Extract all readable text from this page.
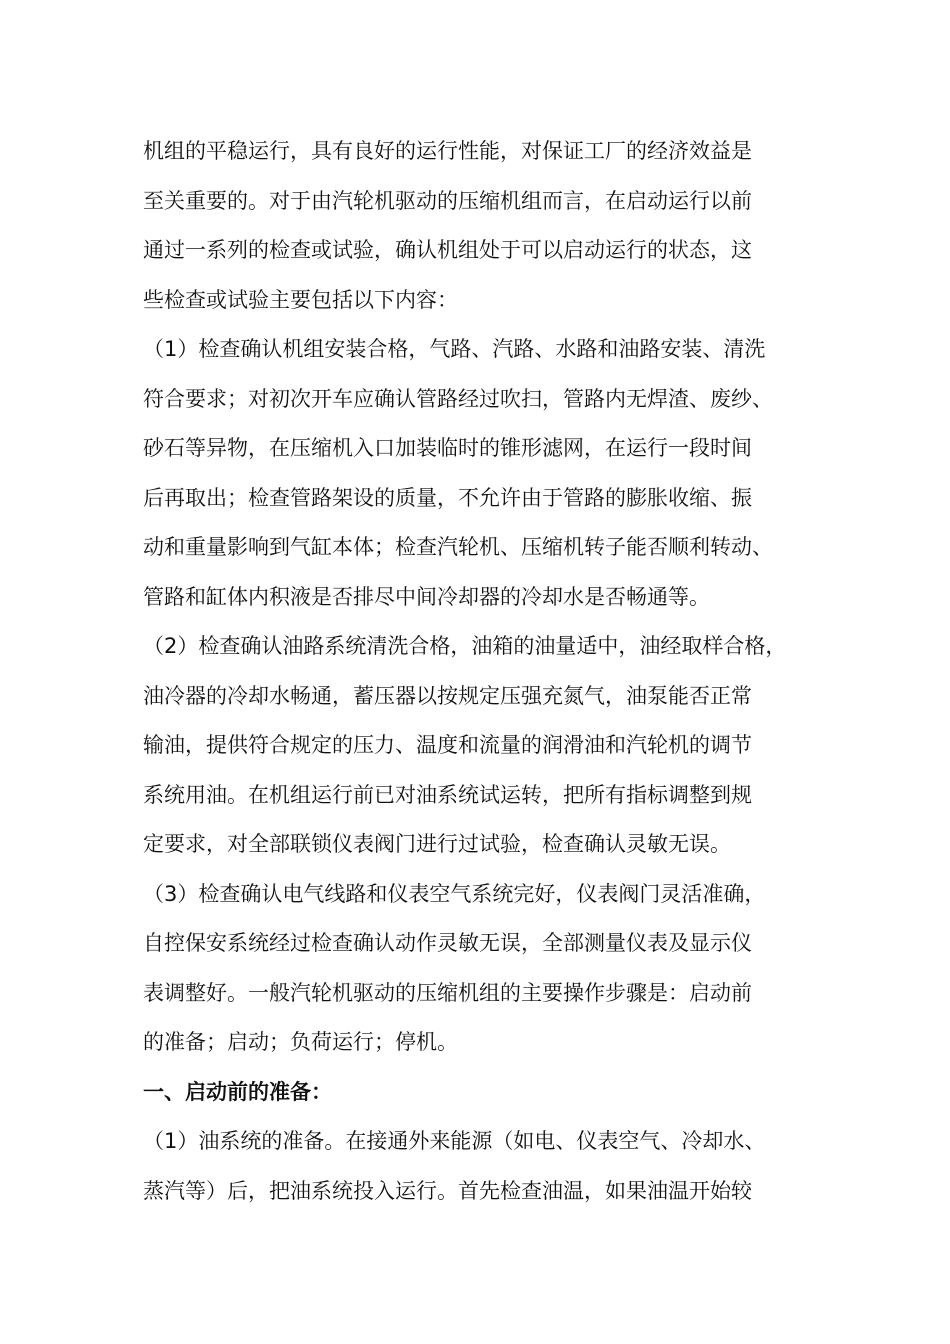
机组的平稳运行，具有良好的运行性能，对保证工厂的经济效益是
至关重要的。对于由汽轮机驱动的压缩机组而言，在启动运行以前
通过一系列的检查或试验，确认机组处于可以启动运行的状态，这
些检查或试验主要包括以下内容：
（1）检查确认机组安装合格，气路、汽路、水路和油路安装、清洗
符合要求；对初次开车应确认管路经过吹扫，管路内无焊渣、废纱、
砂石等异物，在压缩机入口加装临时的锥形滤网，在运行一段时间
后再取出；检查管路架设的质量，不允许由于管路的膨胀收缩、振
动和重量影响到气缸本体；检查汽轮机、压缩机转子能否顺利转动、
管路和缸体内积液是否排尽中间冷却器的冷却水是否畅通等。
（2）检查确认油路系统清洗合格，油箱的油量适中，油经取样合格，
油冷器的冷却水畅通，蓄压器以按规定压强充氮气，油泵能否正常
输油，提供符合规定的压力、温度和流量的润滑油和汽轮机的调节
系统用油。在机组运行前已对油系统试运转，把所有指标调整到规
定要求，对全部联锁仪表阀门进行过试验，检查确认灵敏无误。
（3）检查确认电气线路和仪表空气系统完好，仪表阀门灵活准确，
自控保安系统经过检查确认动作灵敏无误，全部测量仪表及显示仪
表调整好。一般汽轮机驱动的压缩机组的主要操作步骤是：启动前
的准备；启动；负荷运行；停机。
一、启动前的准备：
（1）油系统的准备。在接通外来能源（如电、仪表空气、冷却水、
蒸汽等）后，把油系统投入运行。首先检查油温，如果油温开始较
